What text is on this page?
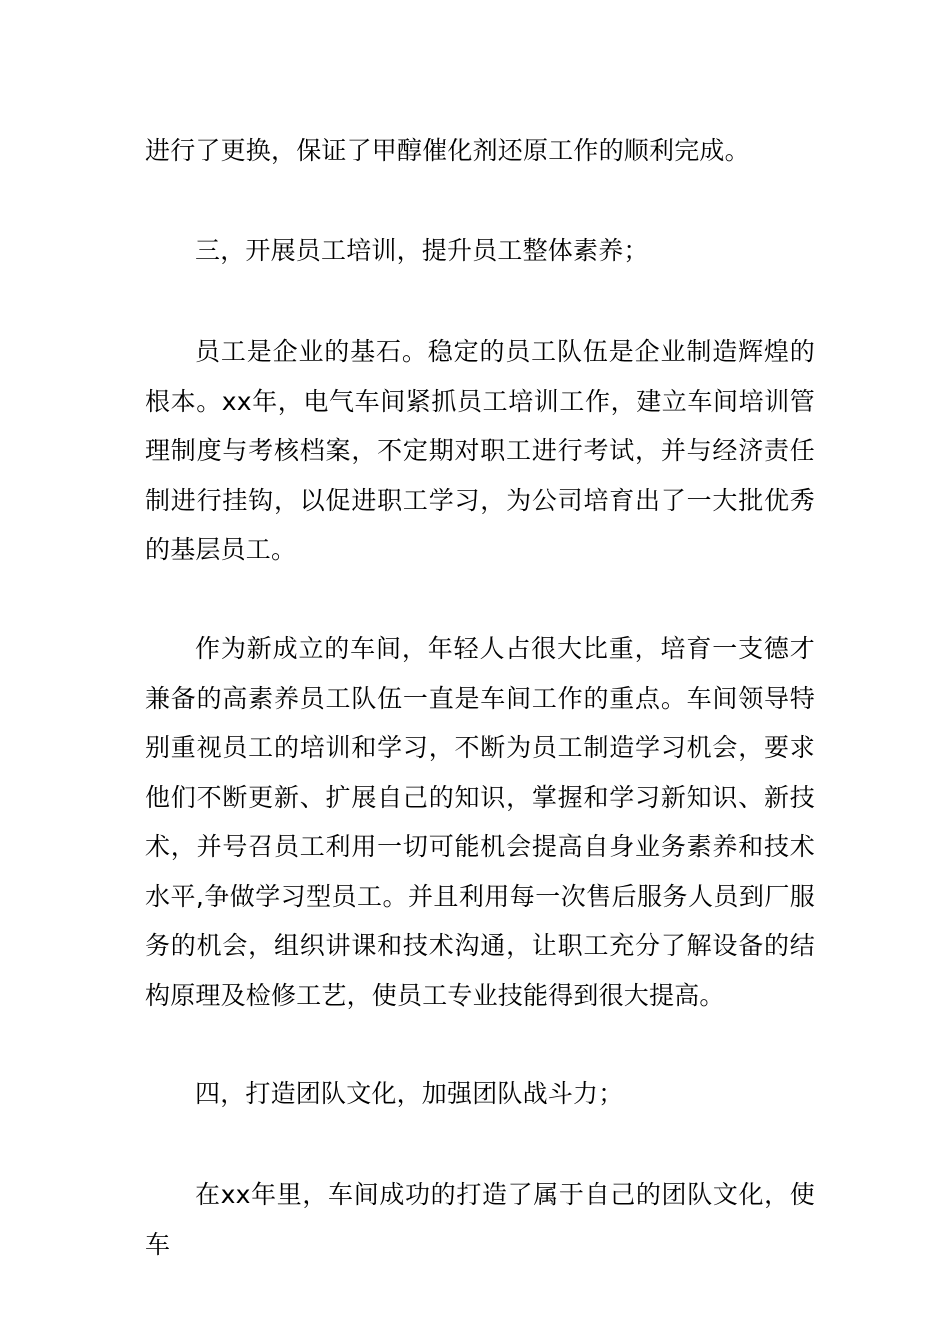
进行了更换，保证了甲醇催化剂还原工作的顺利完成。

三，开展员工培训，提升员工整体素养；

员工是企业的基石。稳定的员工队伍是企业制造辉煌的根本。xx年，电气车间紧抓员工培训工作，建立车间培训管理制度与考核档案，不定期对职工进行考试，并与经济责任制进行挂钩，以促进职工学习，为公司培育出了一大批优秀的基层员工。

作为新成立的车间，年轻人占很大比重，培育一支德才兼备的高素养员工队伍一直是车间工作的重点。车间领导特别重视员工的培训和学习，不断为员工制造学习机会，要求他们不断更新、扩展自己的知识，掌握和学习新知识、新技术，并号召员工利用一切可能机会提高自身业务素养和技术水平,争做学习型员工。并且利用每一次售后服务人员到厂服务的机会，组织讲课和技术沟通，让职工充分了解设备的结构原理及检修工艺，使员工专业技能得到很大提高。

四，打造团队文化，加强团队战斗力；

在xx年里，车间成功的打造了属于自己的团队文化，使车
